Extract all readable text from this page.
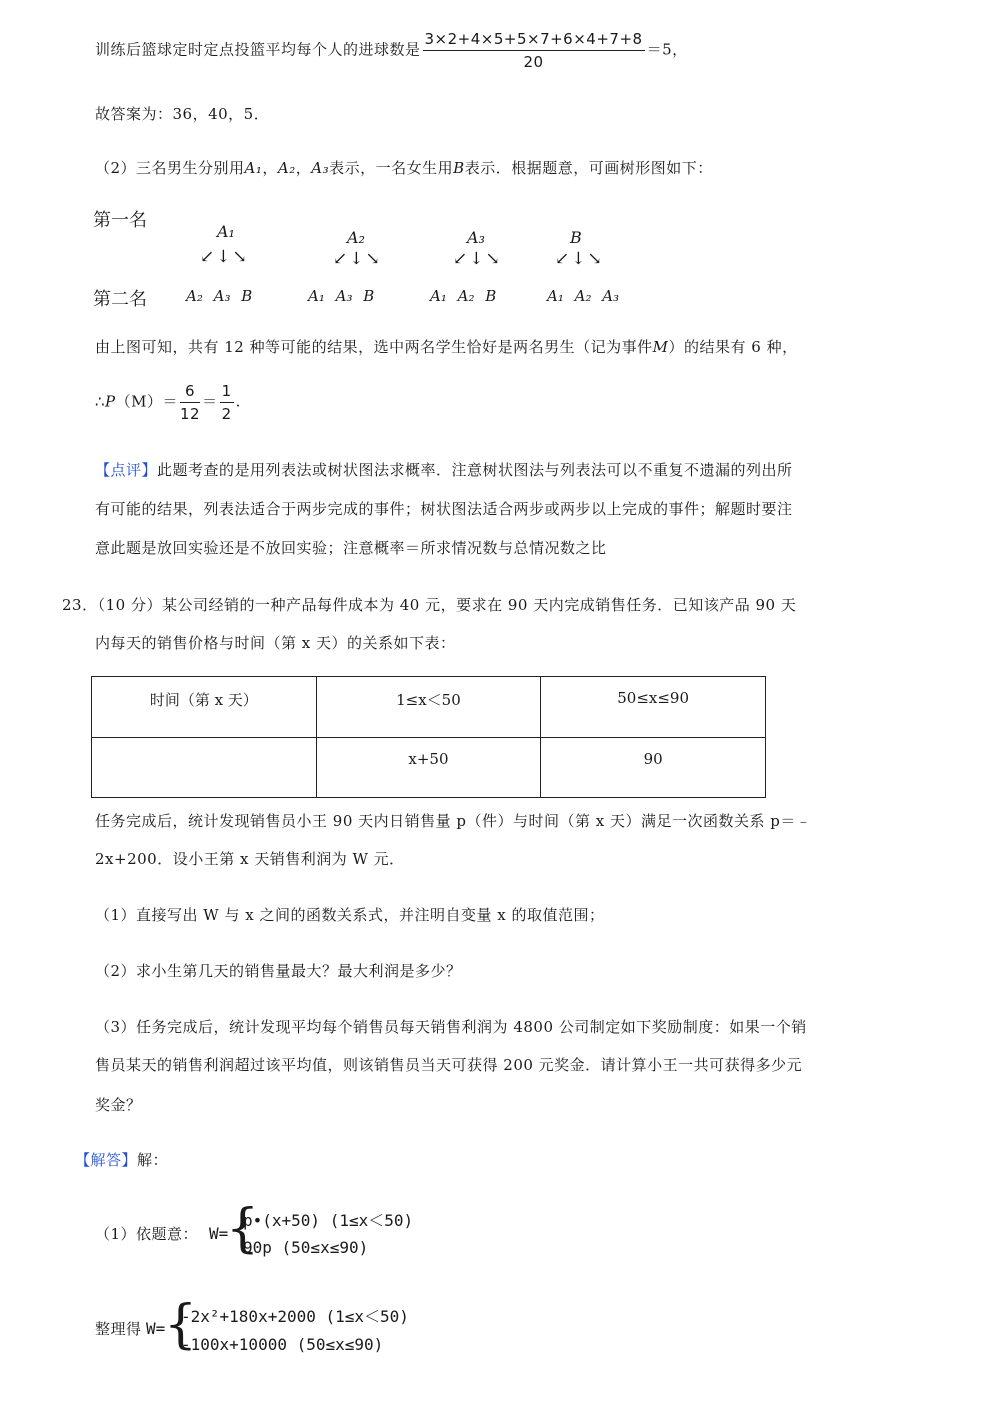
训练后篮球定时定点投篮平均每个人的进球数是 $\frac{3\times 2+4\times 5+5\times 7+6\times 4+7+8}{20} =5$，
故答案为：36，40，5．
（2）三名男生分别用A₁，A₂，A₃表示，一名女生用B表示．根据题意，可画树形图如下：
第一名
第二名
A₁
↙↓↘
A₂ A₃ B
A₂
↙↓↘
A₁ A₃ B
A₃
↙↓↘
A₁ A₂ B
B
↙↓↘
A₁ A₂ A₃
由上图可知，共有 12 种等可能的结果，选中两名学生恰好是两名男生（记为事件M）的结果有 6 种，
∴P（M）＝ $\frac{6}{12} = \frac{1}{2}$ .
【点评】此题考查的是用列表法或树状图法求概率．注意树状图法与列表法可以不重复不遗漏的列出所
有可能的结果，列表法适合于两步完成的事件；树状图法适合两步或两步以上完成的事件；解题时要注
意此题是放回实验还是不放回实验；注意概率＝所求情况数与总情况数之比
23．（10 分）某公司经销的一种产品每件成本为 40 元，要求在 90 天内完成销售任务．已知该产品 90 天
内每天的销售价格与时间（第 x 天）的关系如下表：
时间（第 x 天）	1≤x＜50	50≤x≤90
	x+50	90
任务完成后，统计发现销售员小王 90 天内日销售量 p（件）与时间（第 x 天）满足一次函数关系 p＝﹣
2x+200．设小王第 x 天销售利润为 W 元．
（1）直接写出 W 与 x 之间的函数关系式，并注明自变量 x 的取值范围；
（2）求小生第几天的销售量最大？最大利润是多少？
（3）任务完成后，统计发现平均每个销售员每天销售利润为 4800 公司制定如下奖励制度：如果一个销
售员某天的销售利润超过该平均值，则该销售员当天可获得 200 元奖金．请计算小王一共可获得多少元
奖金？
【解答】解：
（1）依题意： W=
{
p•(x+50) (1≤x＜50)
90p (50≤x≤90)
整理得 W=
{
-2x²+180x+2000 (1≤x＜50)
-100x+10000 (50≤x≤90)
